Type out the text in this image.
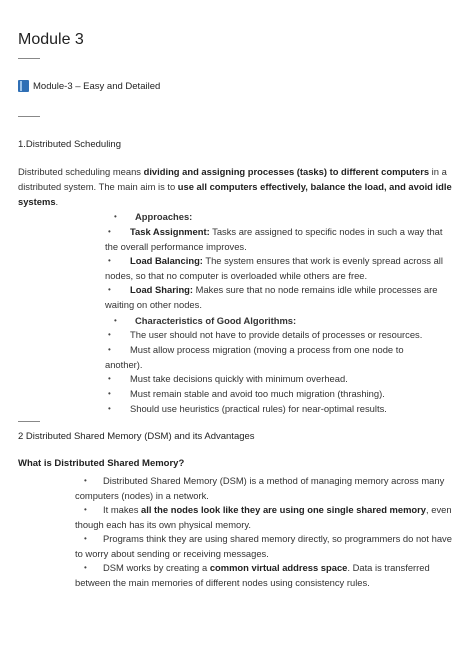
Module 3
Module-3 – Easy and Detailed
1.Distributed Scheduling
Distributed scheduling means dividing and assigning processes (tasks) to different computers in a distributed system. The main aim is to use all computers effectively, balance the load, and avoid idle systems.
• Approaches:
•	Task Assignment: Tasks are assigned to specific nodes in such a way that the overall performance improves.
•	Load Balancing: The system ensures that work is evenly spread across all nodes, so that no computer is overloaded while others are free.
•	Load Sharing: Makes sure that no node remains idle while processes are waiting on other nodes.
• Characteristics of Good Algorithms:
• The user should not have to provide details of processes or resources.
•	Must allow process migration (moving a process from one node to another).
• Must take decisions quickly with minimum overhead.
• Must remain stable and avoid too much migration (thrashing).
• Should use heuristics (practical rules) for near-optimal results.
2 Distributed Shared Memory (DSM) and its Advantages
What is Distributed Shared Memory?
•	Distributed Shared Memory (DSM) is a method of managing memory across many computers (nodes) in a network.
•	It makes all the nodes look like they are using one single shared memory, even though each has its own physical memory.
•	Programs think they are using shared memory directly, so programmers do not have to worry about sending or receiving messages.
•	DSM works by creating a common virtual address space. Data is transferred between the main memories of different nodes using consistency rules.
